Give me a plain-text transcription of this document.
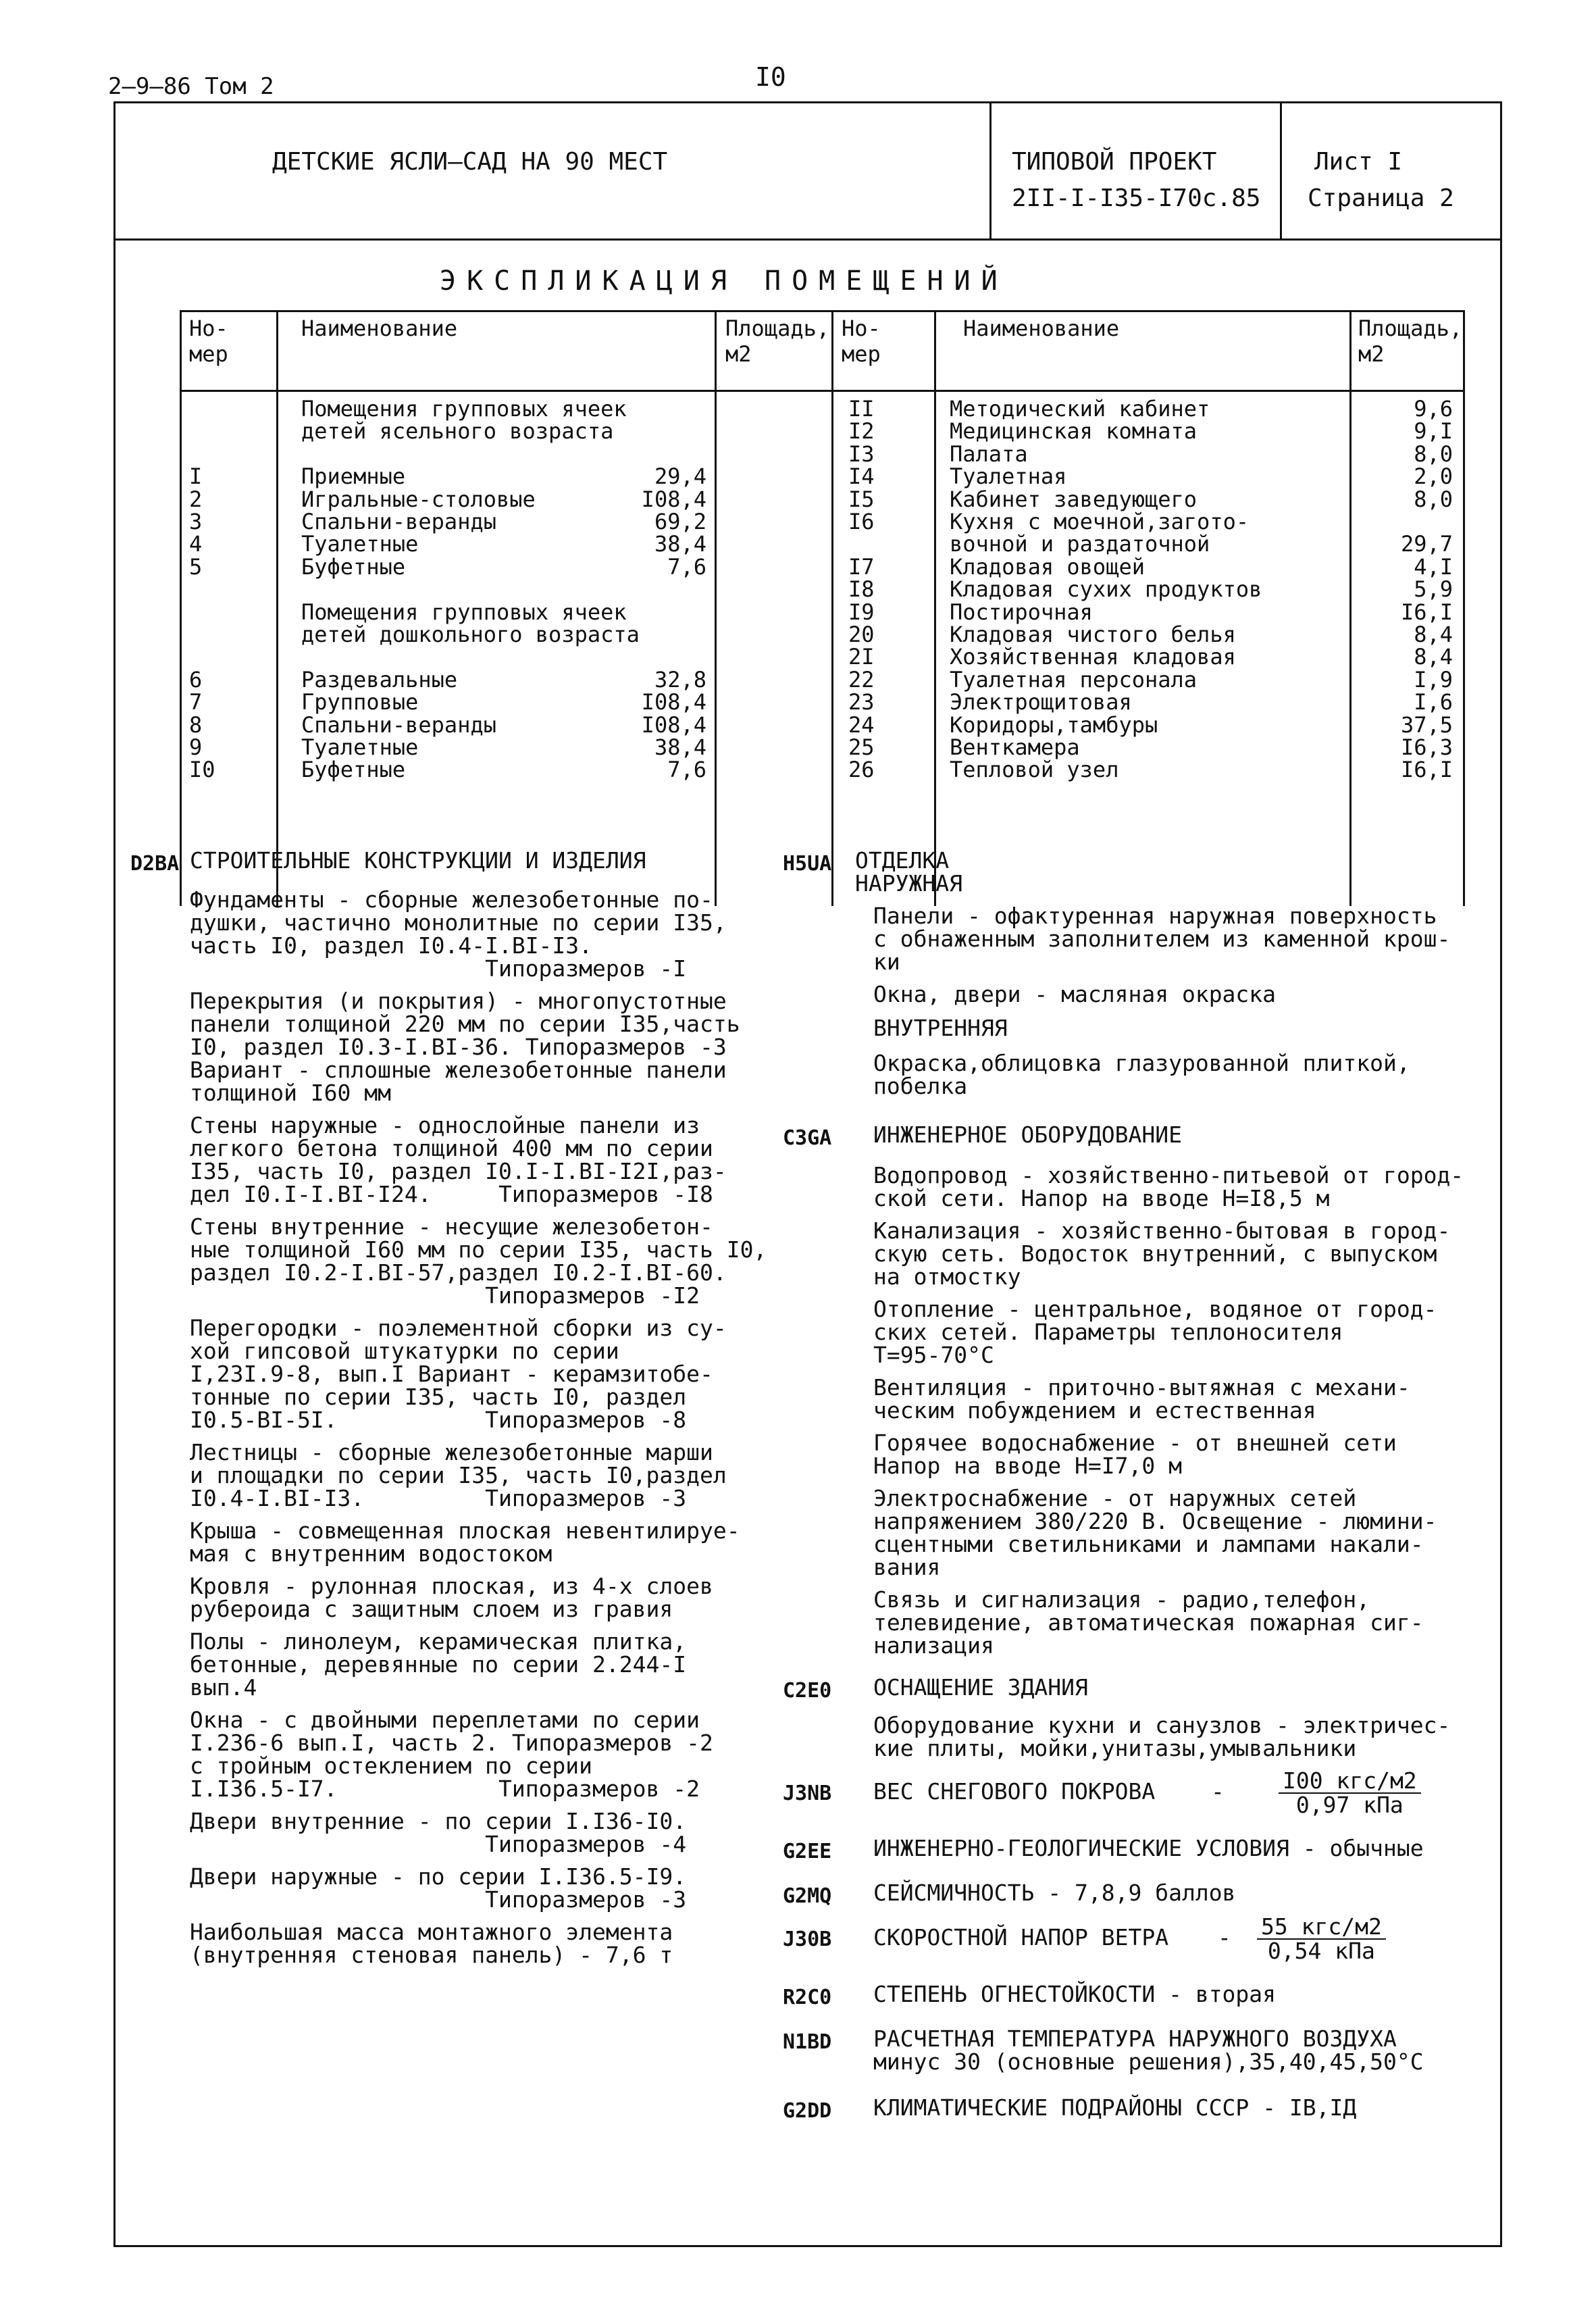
2–9–86 Том 2	I0
ДЕТСКИЕ ЯСЛИ–САД НА 90 МЕСТ	ТИПОВОЙ ПРОЕКТ
2II-I-I35-I70c.85
Лист I
Страница 2
ЭКСПЛИКАЦИЯ ПОМЕЩЕНИЙ
Но-
мер
Наименование	Площадь,
м2
Но-
мер
Наименование	Площадь,
м2
Помещения групповых ячеек
детей ясельного возраста
I	Приемные	29,4
2	Игральные-столовые	I08,4
3	Спальни-веранды	69,2
4	Туалетные	38,4
5	Буфетные	7,6
Помещения групповых ячеек
детей дошкольного возраста
6	Раздевальные	32,8
7	Групповые	I08,4
8	Спальни-веранды	I08,4
9	Туалетные	38,4
I0	Буфетные	7,6
II	Методический кабинет	9,6
I2	Медицинская комната	9,I
I3	Палата	8,0
I4	Туалетная	2,0
I5	Кабинет заведующего	8,0
I6	Кухня с моечной,загото-
вочной и раздаточной	29,7
I7	Кладовая овощей	4,I
I8	Кладовая сухих продуктов	5,9
I9	Постирочная	I6,I
20	Кладовая чистого белья	8,4
2I	Хозяйственная кладовая	8,4
22	Туалетная персонала	I,9
23	Электрощитовая	I,6
24	Коридоры,тамбуры	37,5
25	Венткамера	I6,3
26	Тепловой узел	I6,I
D2BA СТРОИТЕЛЬНЫЕ КОНСТРУКЦИИ И ИЗДЕЛИЯ
Фундаменты - сборные железобетонные по-
душки, частично монолитные по серии I35,
часть I0, раздел I0.4-I.BI-I3.
Типоразмеров -I
Перекрытия (и покрытия) - многопустотные
панели толщиной 220 мм по серии I35,часть
I0, раздел I0.3-I.BI-36. Типоразмеров -3
Вариант - сплошные железобетонные панели
толщиной I60 мм
Стены наружные - однослойные панели из
легкого бетона толщиной 400 мм по серии
I35, часть I0, раздел I0.I-I.BI-I2I,раз-
дел I0.I-I.BI-I24.     Типоразмеров -I8
Стены внутренние - несущие железобетон-
ные толщиной I60 мм по серии I35, часть I0,
раздел I0.2-I.BI-57,раздел I0.2-I.BI-60.
Типоразмеров -I2
Перегородки - поэлементной сборки из су-
хой гипсовой штукатурки по серии
I,23I.9-8, вып.I Вариант - керамзитобе-
тонные по серии I35, часть I0, раздел
I0.5-BI-5I.           Типоразмеров -8
Лестницы - сборные железобетонные марши
и площадки по серии I35, часть I0,раздел
I0.4-I.BI-I3.         Типоразмеров -3
Крыша - совмещенная плоская невентилируе-
мая с внутренним водостоком
Кровля - рулонная плоская, из 4-х слоев
рубероида с защитным слоем из гравия
Полы - линолеум, керамическая плитка,
бетонные, деревянные по серии 2.244-I
вып.4
Окна - с двойными переплетами по серии
I.236-6 вып.I, часть 2. Типоразмеров -2
с тройным остеклением по серии
I.I36.5-I7.            Типоразмеров -2
Двери внутренние - по серии I.I36-I0.
Типоразмеров -4
Двери наружные - по серии I.I36.5-I9.
Типоразмеров -3
Наибольшая масса монтажного элемента
(внутренняя стеновая панель) - 7,6 т
H5UA ОТДЕЛКА
НАРУЖНАЯ
Панели - офактуренная наружная поверхность
с обнаженным заполнителем из каменной крош-
ки
Окна, двери - масляная окраска
ВНУТРЕННЯЯ
Окраска,облицовка глазурованной плиткой,
побелка
C3GA ИНЖЕНЕРНОЕ ОБОРУДОВАНИЕ
Водопровод - хозяйственно-питьевой от город-
ской сети. Напор на вводе H=I8,5 м
Канализация - хозяйственно-бытовая в город-
скую сеть. Водосток внутренний, с выпуском
на отмостку
Отопление - центральное, водяное от город-
ских сетей. Параметры теплоносителя
T=95-70°C
Вентиляция - приточно-вытяжная с механи-
ческим побуждением и естественная
Горячее водоснабжение - от внешней сети
Напор на вводе H=I7,0 м
Электроснабжение - от наружных сетей
напряжением 380/220 В. Освещение - люмини-
сцентными светильниками и лампами накали-
вания
Связь и сигнализация - радио,телефон,
телевидение, автоматическая пожарная сиг-
нализация
C2E0 ОСНАЩЕНИЕ ЗДАНИЯ
Оборудование кухни и санузлов - электричес-
кие плиты, мойки,унитазы,умывальники
J3NB ВЕС СНЕГОВОГО ПОКРОВА	- $\frac{\text{I00 кгс/м2}}{\text{0,97 кПа}}$
G2EE ИНЖЕНЕРНО-ГЕОЛОГИЧЕСКИЕ УСЛОВИЯ - обычные
G2MQ СЕЙСМИЧНОСТЬ - 7,8,9 баллов
J30B СКОРОСТНОЙ НАПОР ВЕТРА - $\frac{\text{55 кгс/м2}}{\text{0,54 кПа}}$
R2C0 СТЕПЕНЬ ОГНЕСТОЙКОСТИ - вторая
N1BD РАСЧЕТНАЯ ТЕМПЕРАТУРА НАРУЖНОГО ВОЗДУХА
минус 30 (основные решения),35,40,45,50°C
G2DD КЛИМАТИЧЕСКИЕ ПОДРАЙОНЫ СССР - IB,IД
